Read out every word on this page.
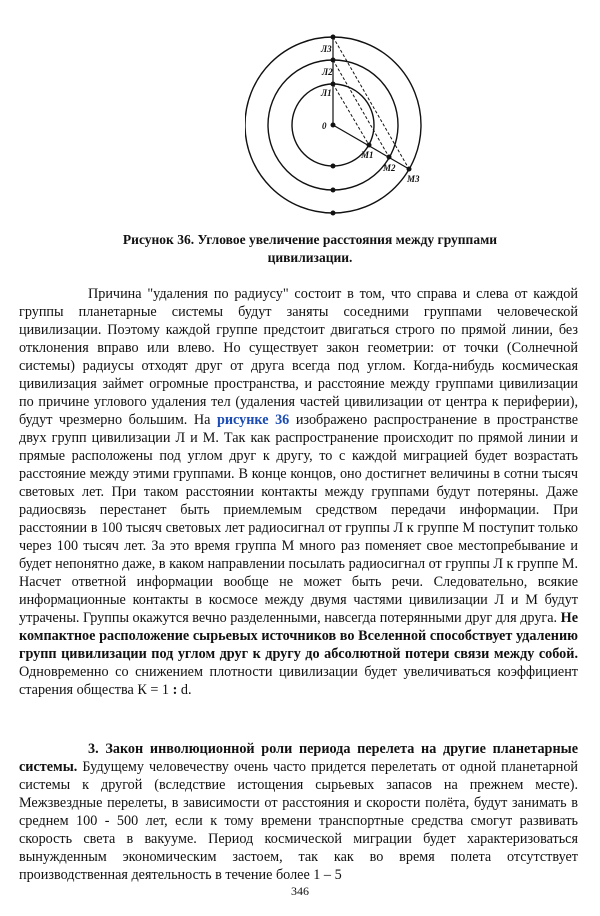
0
Л1
Л2
Л3
М1
М2
М3
Рисунок 36. Угловое увеличение расстояния между группами
цивилизации.

Причина "удаления по радиусу" состоит в том, что справа и слева от каждой группы планетарные системы будут заняты соседними группами человеческой цивилизации. Поэтому каждой группе предстоит двигаться строго по прямой линии, без отклонения вправо или влево. Но существует закон геометрии: от точки (Солнечной системы) радиусы отходят друг от друга всегда под углом. Когда-нибудь космическая цивилизация займет огромные пространства, и расстояние между группами цивилизации по причине углового удаления тел (удаления частей цивилизации от центра к периферии), будут чрезмерно большим. На рисунке 36 изображено распространение в пространстве двух групп цивилизации Л и М. Так как распространение происходит по прямой линии и прямые расположены под углом друг к другу, то с каждой миграцией будет возрастать расстояние между этими группами. В конце концов, оно достигнет величины в сотни тысяч световых лет. При таком расстоянии контакты между группами будут потеряны. Даже радиосвязь перестанет быть приемлемым средством передачи информации. При расстоянии в 100 тысяч световых лет радиосигнал от группы Л к группе М поступит только через 100 тысяч лет. За это время группа М много раз поменяет свое местопребывание и будет непонятно даже, в каком направлении посылать радиосигнал от группы Л к группе М. Насчет ответной информации вообще не может быть речи. Следовательно, всякие информационные контакты в космосе между двумя частями цивилизации Л и М будут утрачены. Группы окажутся вечно разделенными, навсегда потерянными друг для друга. Не компактное расположение сырьевых источников во Вселенной способствует удалению групп цивилизации под углом друг к другу до абсолютной потери связи между собой. Одновременно со снижением плотности цивилизации будет увеличиваться коэффициент старения общества К = 1 : d.

3. Закон инволюционной роли периода перелета на другие планетарные системы. Будущему человечеству очень часто придется перелетать от одной планетарной системы к другой (вследствие истощения сырьевых запасов на прежнем месте). Межзвездные перелеты, в зависимости от расстояния и скорости полёта, будут занимать в среднем 100 - 500 лет, если к тому времени транспортные средства смогут развивать скорость света в вакууме. Период космической миграции будет характеризоваться вынужденным экономическим застоем, так как во время полета отсутствует производственная деятельность в течение более 1 – 5

346
